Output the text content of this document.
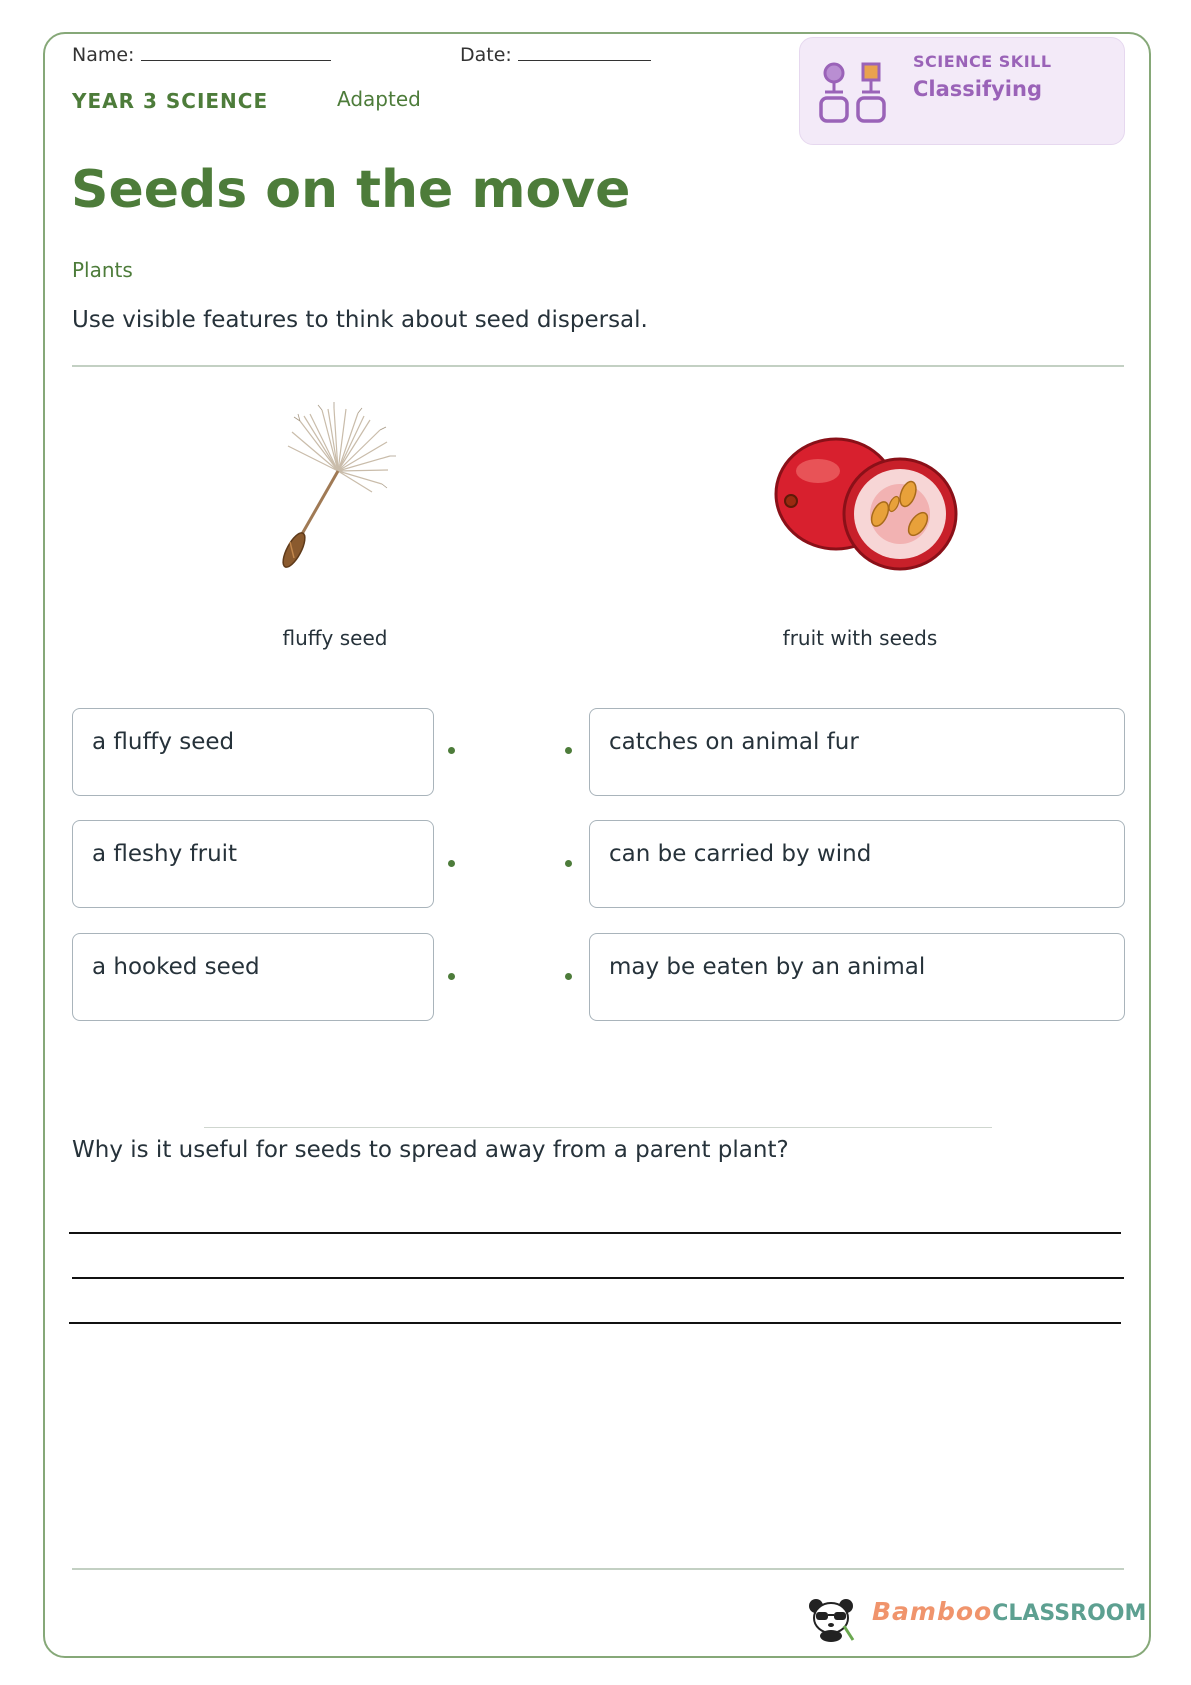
Name:	Date:
YEAR 3 SCIENCE	Adapted
SCIENCE SKILL
Classifying
Seeds on the move
Plants
Use visible features to think about seed dispersal.
fluffy seed	fruit with seeds
a fluffy seed
a fleshy fruit
a hooked seed
catches on animal fur
can be carried by wind
may be eaten by an animal
Why is it useful for seeds to spread away from a parent plant?
BambooCLASSROOM
